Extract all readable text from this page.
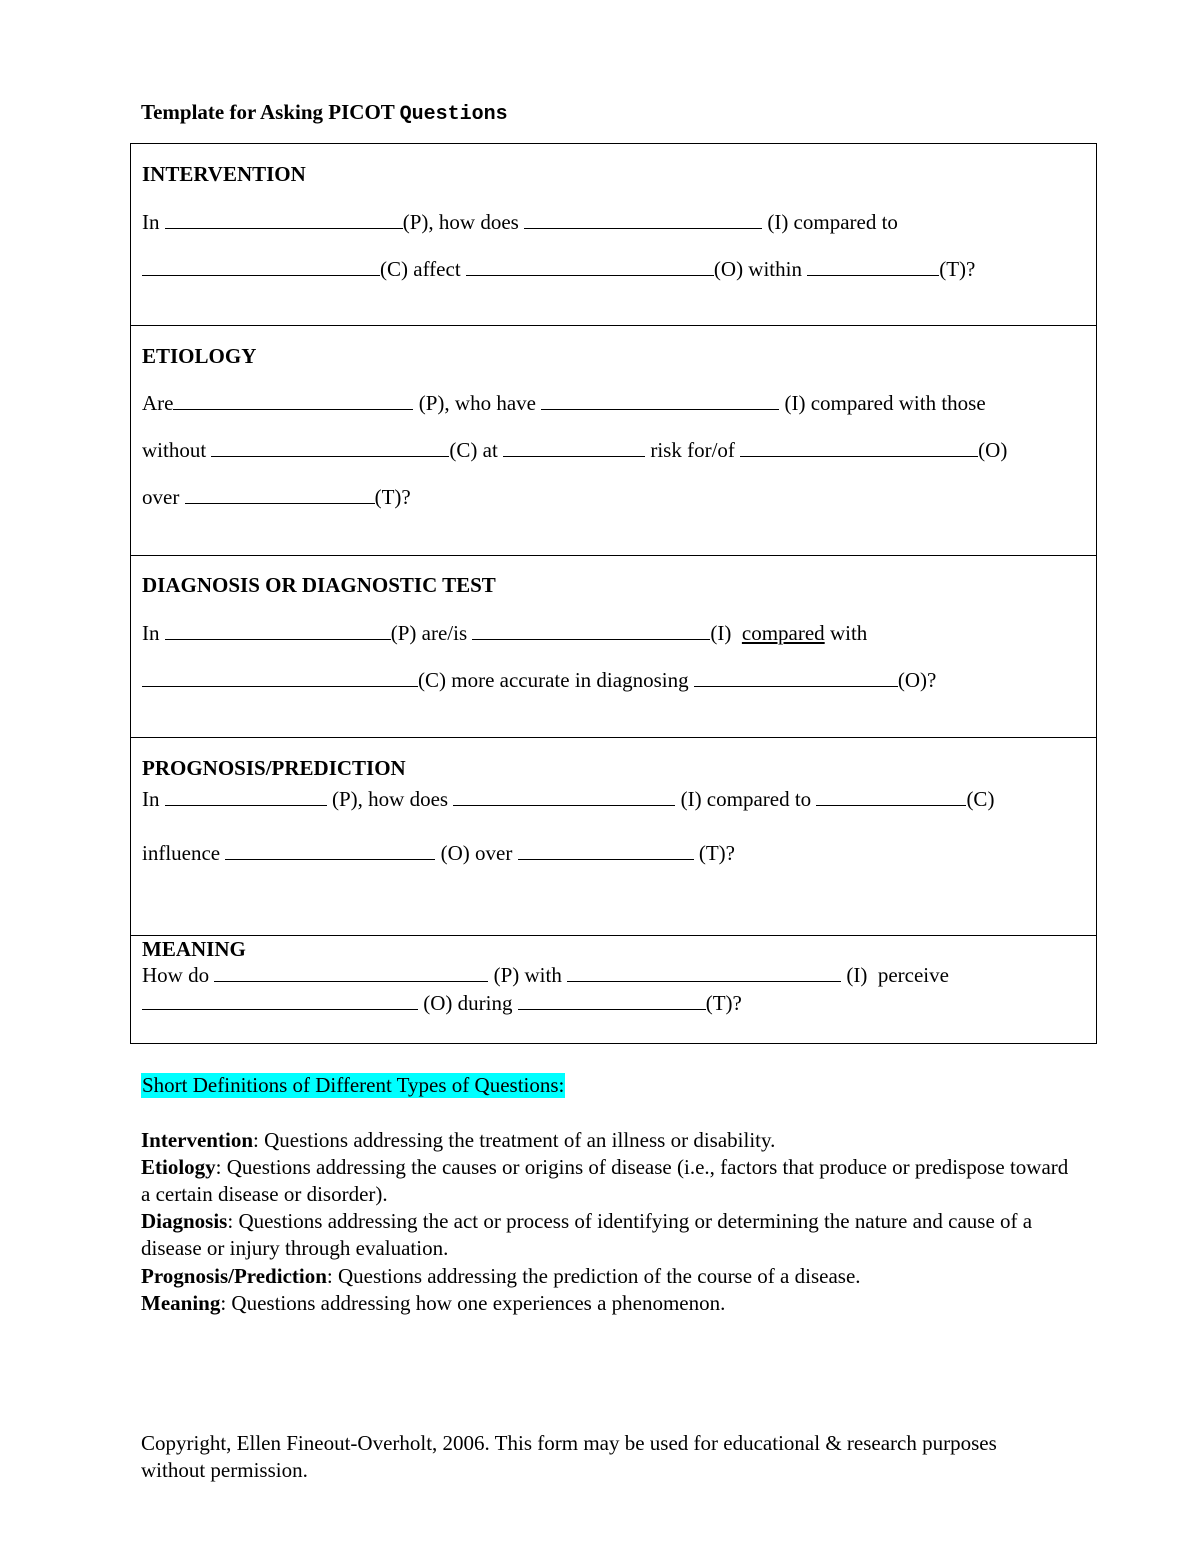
Template for Asking PICOT Questions
INTERVENTION
In	(P), how does	(I) compared to
(C) affect	(O) within	(T)?
ETIOLOGY
Are	(P), who have	(I) compared with those
without	(C) at	risk for/of	(O)
over	(T)?
DIAGNOSIS OR DIAGNOSTIC TEST
In	(P) are/is	(I) compared with
(C) more accurate in diagnosing	(O)?
PROGNOSIS/PREDICTION
In	(P), how does	(I) compared to	(C)
influence	(O) over	(T)?
MEANING
How do	(P) with	(I)  perceive
(O) during	(T)?
Short Definitions of Different Types of Questions:
Intervention: Questions addressing the treatment of an illness or disability.
Etiology: Questions addressing the causes or origins of disease (i.e., factors that produce or predispose toward a certain disease or disorder).
Diagnosis: Questions addressing the act or process of identifying or determining the nature and cause of a disease or injury through evaluation.
Prognosis/Prediction: Questions addressing the prediction of the course of a disease.
Meaning: Questions addressing how one experiences a phenomenon.
Copyright, Ellen Fineout-Overholt, 2006. This form may be used for educational & research purposes without permission.
